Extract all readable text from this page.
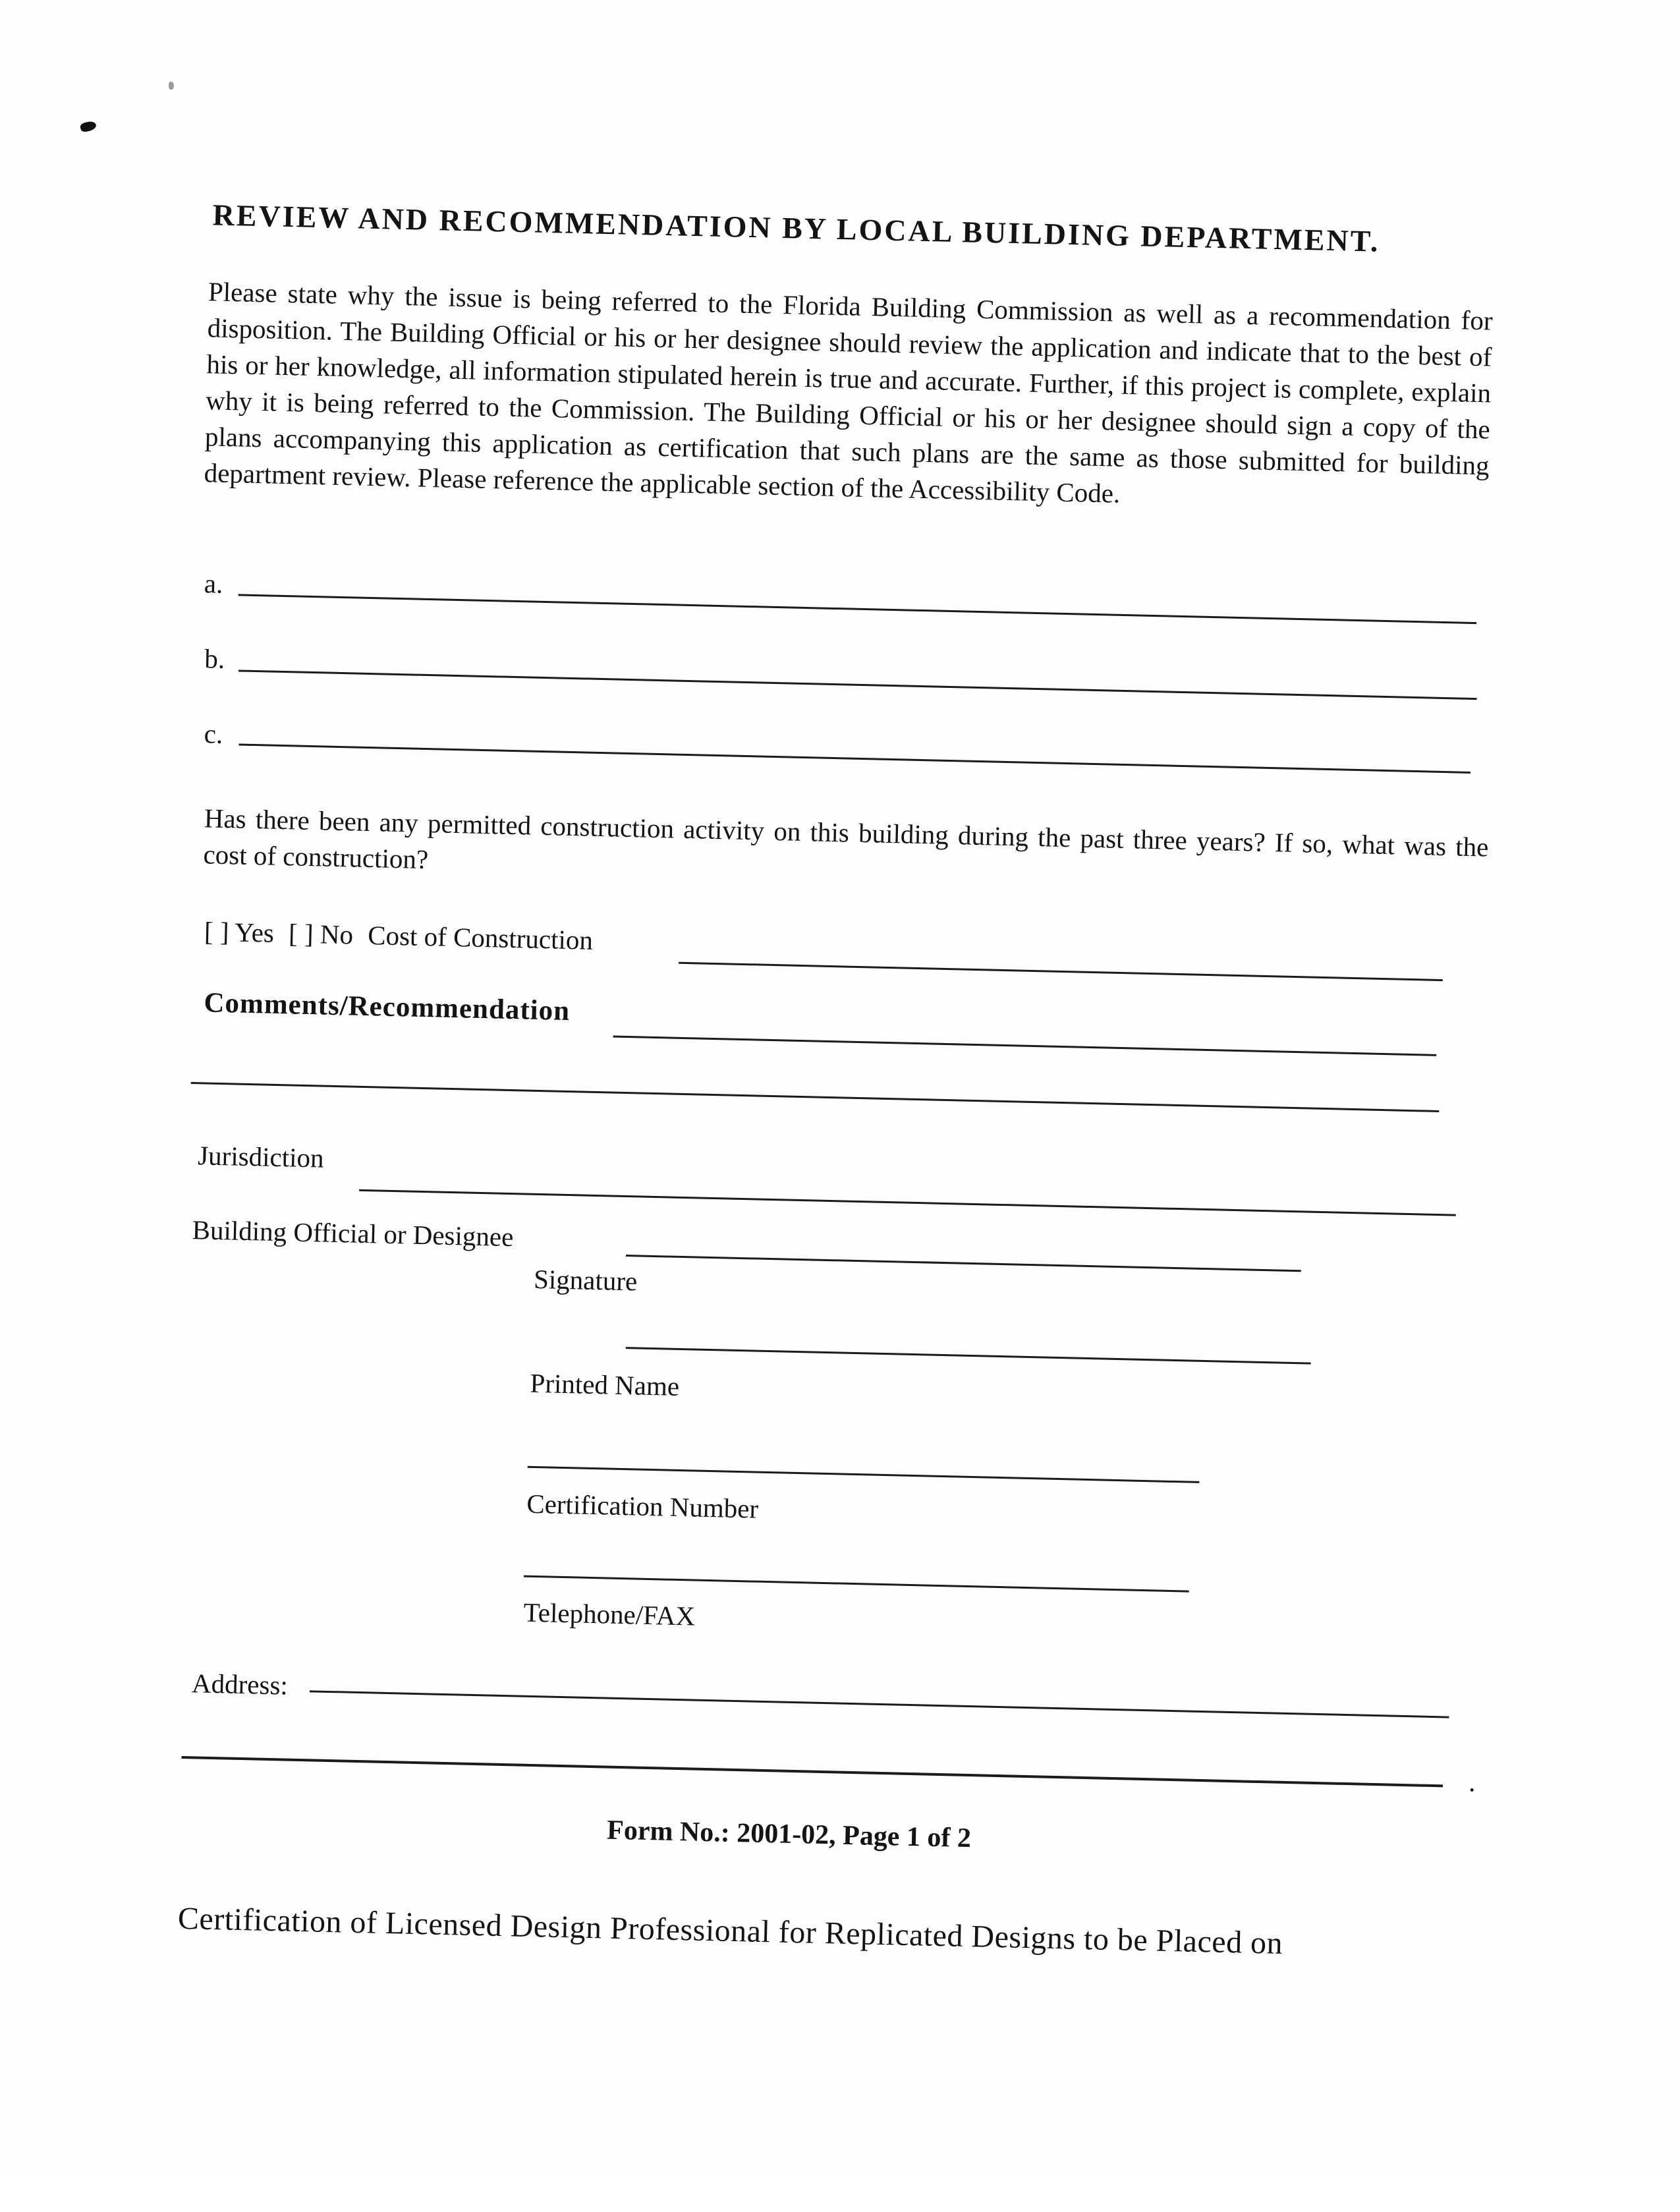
REVIEW AND RECOMMENDATION BY LOCAL BUILDING DEPARTMENT.
Please state why the issue is being referred to the Florida Building Commission as well as a recommendation for disposition. The Building Official or his or her designee should review the application and indicate that to the best of his or her knowledge, all information stipulated herein is true and accurate. Further, if this project is complete, explain why it is being referred to the Commission. The Building Official or his or her designee should sign a copy of the plans accompanying this application as certification that such plans are the same as those submitted for building department review. Please reference the applicable section of the Accessibility Code.
a.
b.
c.
Has there been any permitted construction activity on this building during the past three years? If so, what was the cost of construction?
[ ] Yes [ ] No Cost of Construction
Comments/Recommendation
Jurisdiction
Building Official or Designee
Signature
Printed Name
Certification Number
Telephone/FAX
Address:
.
Form No.: 2001-02, Page 1 of 2
Certification of Licensed Design Professional for Replicated Designs to be Placed on
